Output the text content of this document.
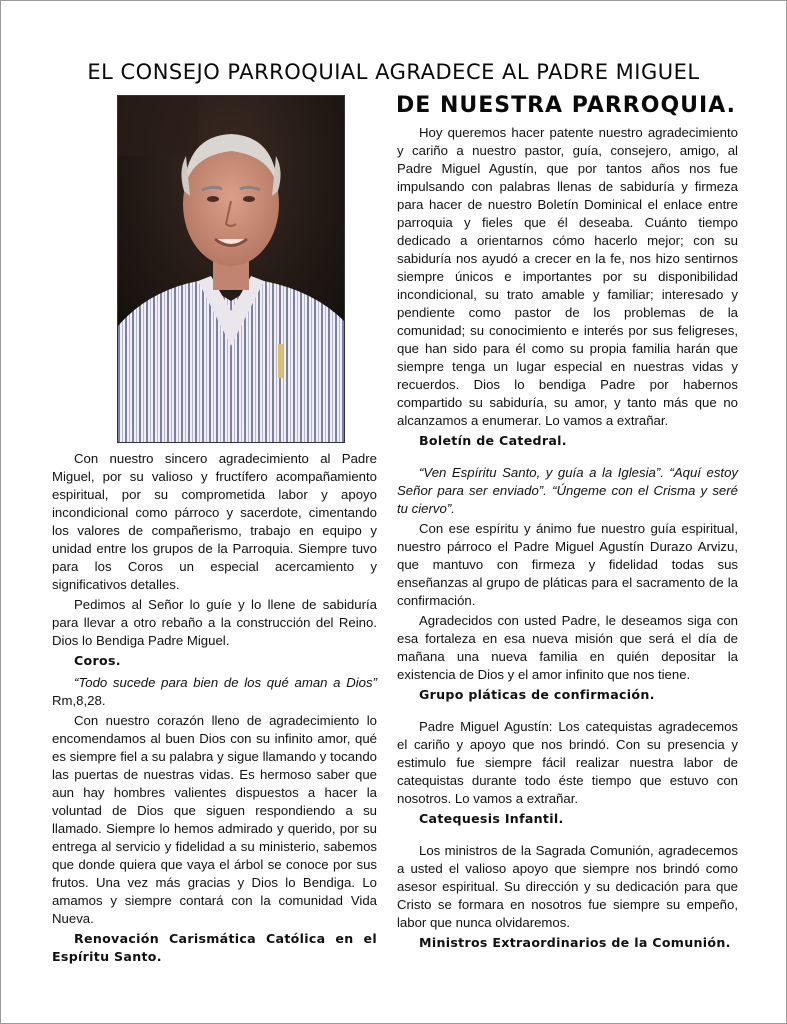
EL CONSEJO PARROQUIAL AGRADECE AL PADRE MIGUEL
DE NUESTRA PARROQUIA.

Con nuestro sincero agradecimiento al Padre Miguel, por su valioso y fructífero acompañamiento espiritual, por su comprometida labor y apoyo incondicional como párroco y sacerdote, cimentando los valores de compañerismo, trabajo en equipo y unidad entre los grupos de la Parroquia. Siempre tuvo para los Coros un especial acercamiento y significativos detalles.

Pedimos al Señor lo guíe y lo llene de sabiduría para llevar a otro rebaño a la construcción del Reino. Dios lo Bendiga Padre Miguel.

Coros.

“Todo sucede para bien de los qué aman a Dios” Rm,8,28.

Con nuestro corazón lleno de agradecimiento lo encomendamos al buen Dios con su infinito amor, qué es siempre fiel a su palabra y sigue llamando y tocando las puertas de nuestras vidas. Es hermoso saber que aun hay hombres valientes dispuestos a hacer la voluntad de Dios que siguen respondiendo a su llamado. Siempre lo hemos admirado y querido, por su entrega al servicio y fidelidad a su ministerio, sabemos que donde quiera que vaya el árbol se conoce por sus frutos. Una vez más gracias y Dios lo Bendiga. Lo amamos y siempre contará con la comunidad Vida Nueva.

Renovación Carismática Católica en el Espíritu Santo.

Hoy queremos hacer patente nuestro agradecimiento y cariño a nuestro pastor, guía, consejero, amigo, al Padre Miguel Agustín, que por tantos años nos fue impulsando con palabras llenas de sabiduría y firmeza para hacer de nuestro Boletín Dominical el enlace entre parroquia y fieles que él deseaba. Cuánto tiempo dedicado a orientarnos cómo hacerlo mejor; con su sabiduría nos ayudó a crecer en la fe, nos hizo sentirnos siempre únicos e importantes por su disponibilidad incondicional, su trato amable y familiar; interesado y pendiente como pastor de los problemas de la comunidad; su conocimiento e interés por sus feligreses, que han sido para él como su propia familia harán que siempre tenga un lugar especial en nuestras vidas y recuerdos. Dios lo bendiga Padre por habernos compartido su sabiduría, su amor, y tanto más que no alcanzamos a enumerar. Lo vamos a extrañar.

Boletín de Catedral.

“Ven Espíritu Santo, y guía a la Iglesia”. “Aquí estoy Señor para ser enviado”. “Úngeme con el Crisma y seré tu ciervo”.

Con ese espíritu y ánimo fue nuestro guía espiritual, nuestro párroco el Padre Miguel Agustín Durazo Arvizu, que mantuvo con firmeza y fidelidad todas sus enseñanzas al grupo de pláticas para el sacramento de la confirmación.

Agradecidos con usted Padre, le deseamos siga con esa fortaleza en esa nueva misión que será el día de mañana una nueva familia en quién depositar la existencia de Dios y el amor infinito que nos tiene.

Grupo pláticas de confirmación.

Padre Miguel Agustín: Los catequistas agradecemos el cariño y apoyo que nos brindó. Con su presencia y estimulo fue siempre fácil realizar nuestra labor de catequistas durante todo éste tiempo que estuvo con nosotros. Lo vamos a extrañar.

Catequesis Infantil.

Los ministros de la Sagrada Comunión, agradecemos a usted el valioso apoyo que siempre nos brindó como asesor espiritual. Su dirección y su dedicación para que Cristo se formara en nosotros fue siempre su empeño, labor que nunca olvidaremos.

Ministros Extraordinarios de la Comunión.
